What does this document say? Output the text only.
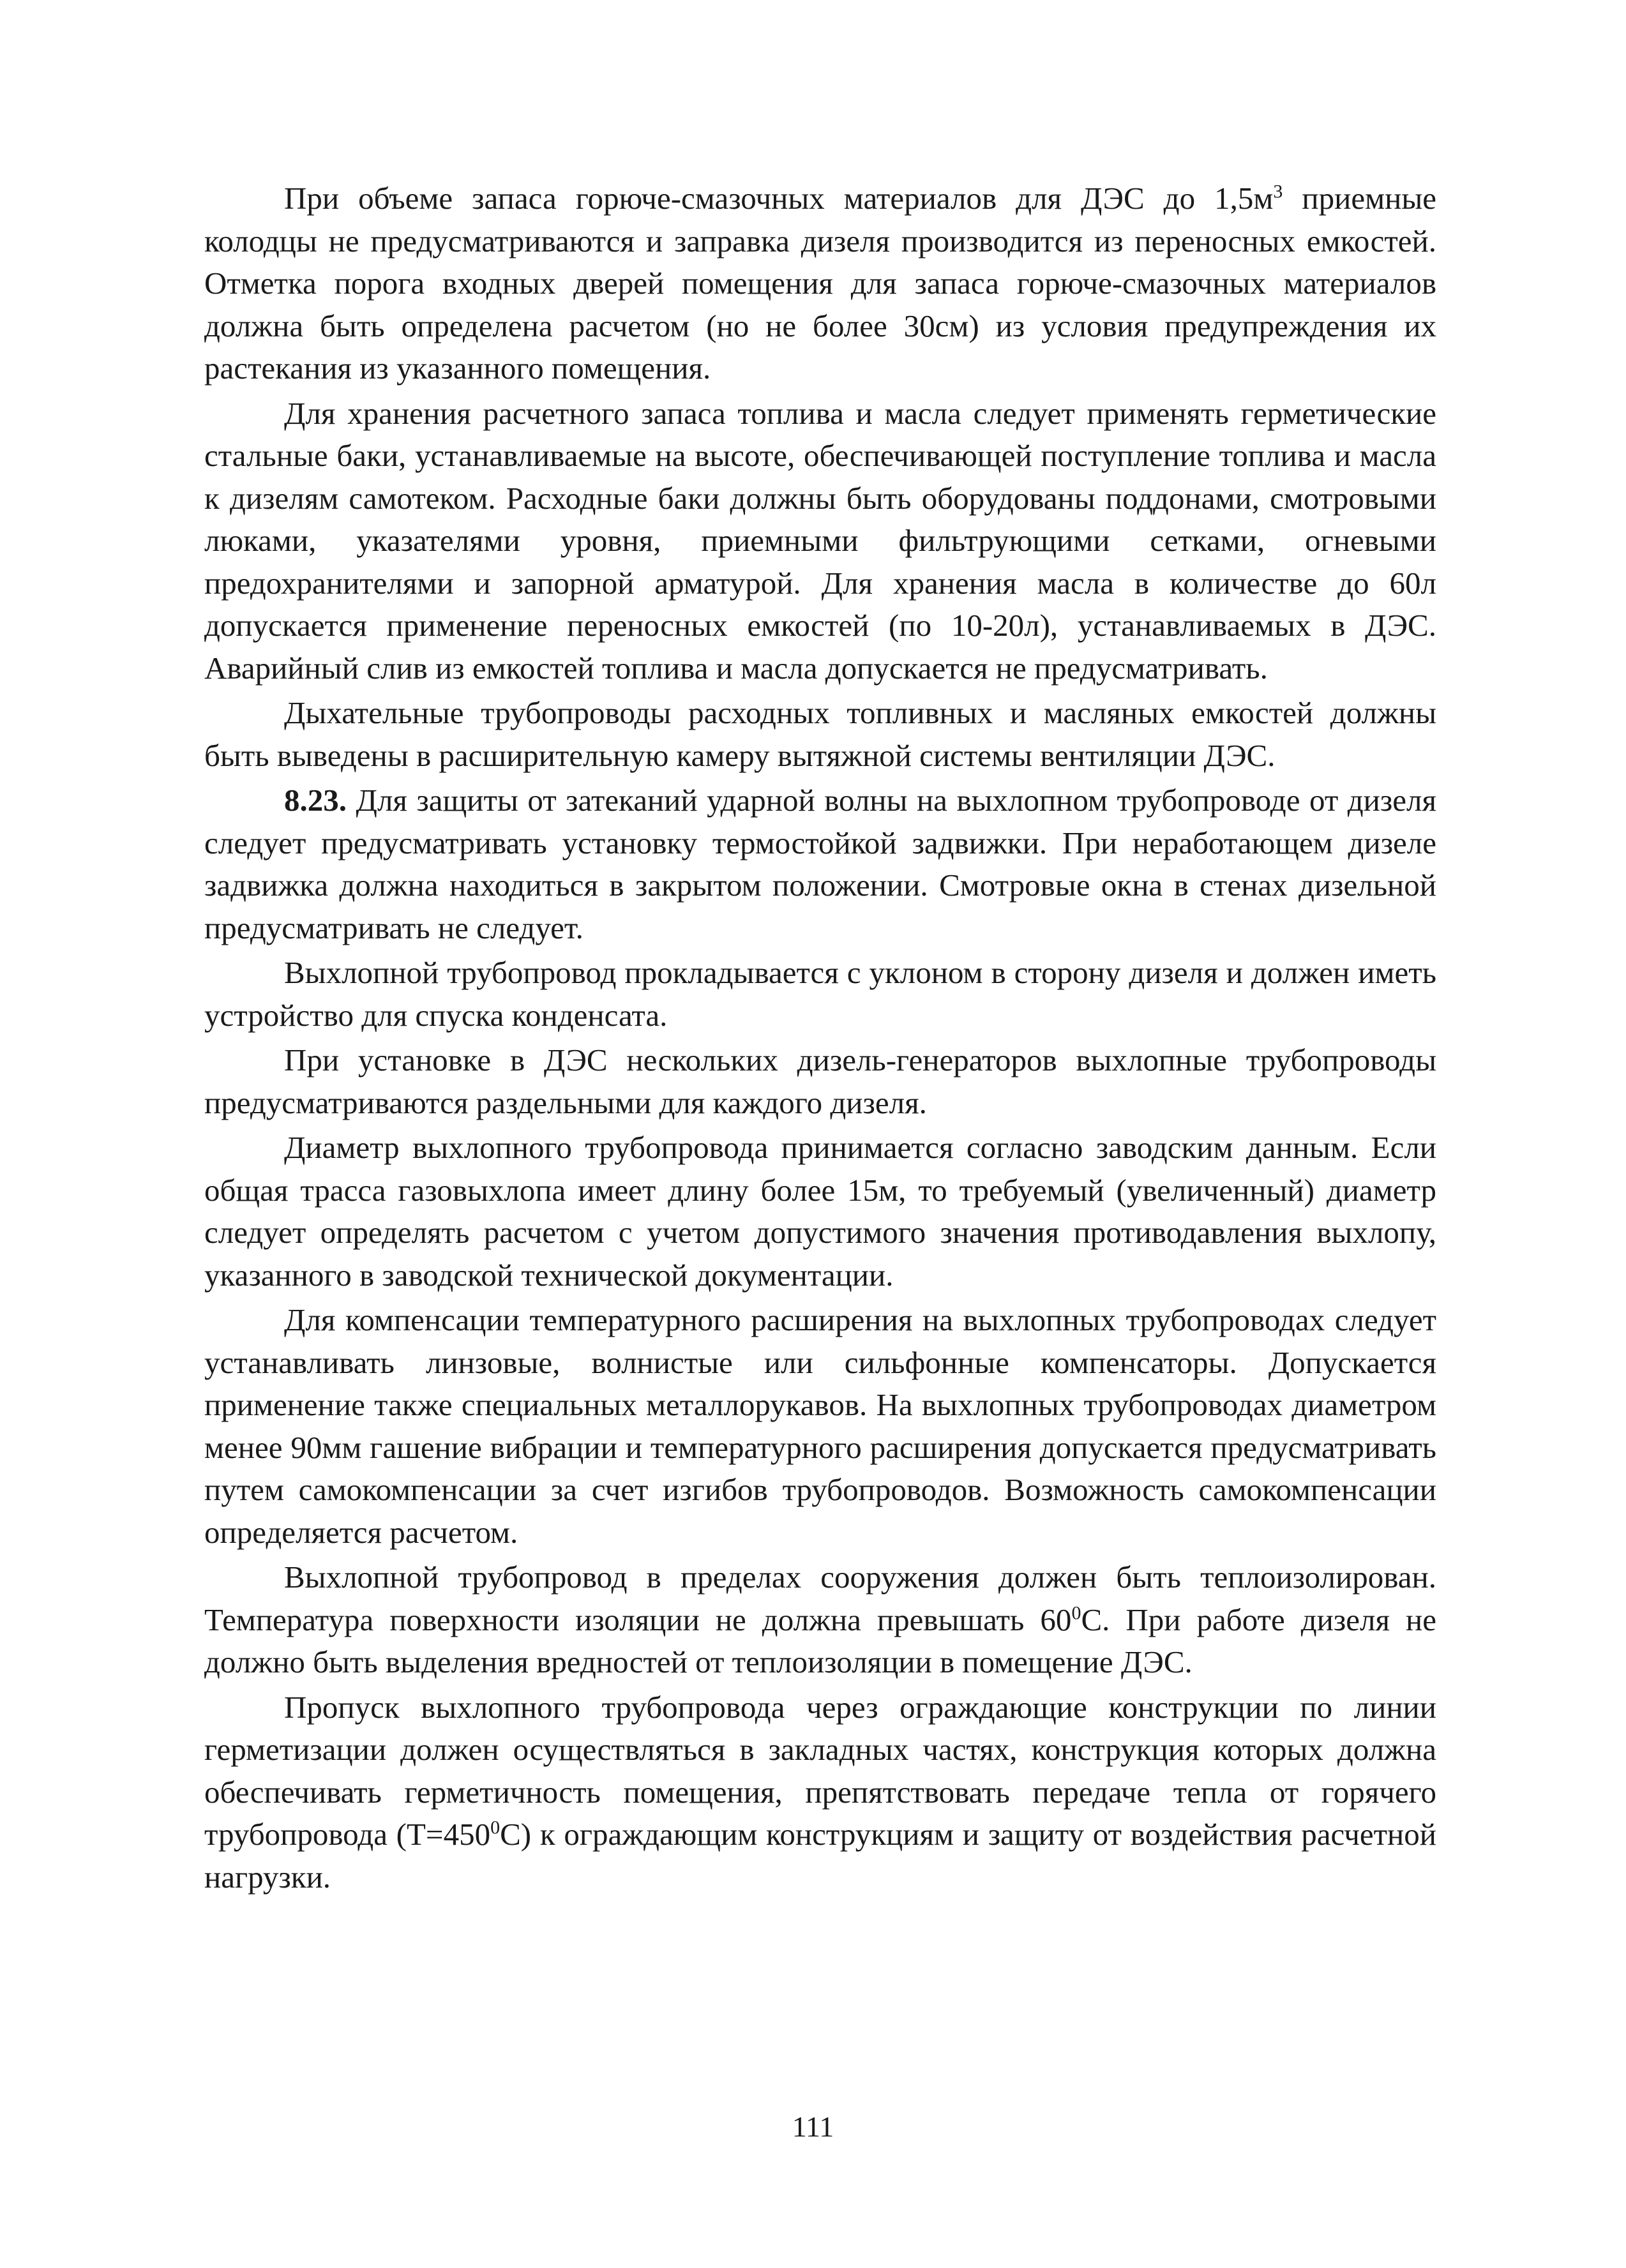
При объеме запаса горюче-смазочных материалов для ДЭС до $1,5м^3$ приемные колодцы не предусматриваются и заправка дизеля производится из переносных емкостей. Отметка порога входных дверей помещения для запаса горюче-смазочных материалов должна быть определена расчетом (но не более 30см) из условия предупреждения их растекания из указанного помещения.

Для хранения расчетного запаса топлива и масла следует применять герметические стальные баки, устанавливаемые на высоте, обеспечивающей поступление топлива и масла к дизелям самотеком. Расходные баки должны быть оборудованы поддонами, смотровыми люками, указателями уровня, приемными фильтрующими сетками, огневыми предохранителями и запорной арматурой. Для хранения масла в количестве до 60л допускается применение переносных емкостей (по 10-20л), устанавливаемых в ДЭС. Аварийный слив из емкостей топлива и масла допускается не предусматривать.

Дыхательные трубопроводы расходных топливных и масляных емкостей должны быть выведены в расширительную камеру вытяжной системы вентиляции ДЭС.

8.23. Для защиты от затеканий ударной волны на выхлопном трубопроводе от дизеля следует предусматривать установку термостойкой задвижки. При неработающем дизеле задвижка должна находиться в закрытом положении. Смотровые окна в стенах дизельной предусматривать не следует.

Выхлопной трубопровод прокладывается с уклоном в сторону дизеля и должен иметь устройство для спуска конденсата.

При установке в ДЭС нескольких дизель-генераторов выхлопные трубопроводы предусматриваются раздельными для каждого дизеля.

Диаметр выхлопного трубопровода принимается согласно заводским данным. Если общая трасса газовыхлопа имеет длину более 15м, то требуемый (увеличенный) диаметр следует определять расчетом с учетом допустимого значения противодавления выхлопу, указанного в заводской технической документации.

Для компенсации температурного расширения на выхлопных трубопроводах следует устанавливать линзовые, волнистые или сильфонные компенсаторы. Допускается применение также специальных металлорукавов. На выхлопных трубопроводах диаметром менее 90мм гашение вибрации и температурного расширения допускается предусматривать путем самокомпенсации за счет изгибов трубопроводов. Возможность самокомпенсации определяется расчетом.

Выхлопной трубопровод в пределах сооружения должен быть теплоизолирован. Температура поверхности изоляции не должна превышать $60^0С$. При работе дизеля не должно быть выделения вредностей от теплоизоляции в помещение ДЭС.

Пропуск выхлопного трубопровода через ограждающие конструкции по линии герметизации должен осуществляться в закладных частях, конструкция которых должна обеспечивать герметичность помещения, препятствовать передаче тепла от горячего трубопровода $(Т=450^0С)$ к ограждающим конструкциям и защиту от воздействия расчетной нагрузки.

111
